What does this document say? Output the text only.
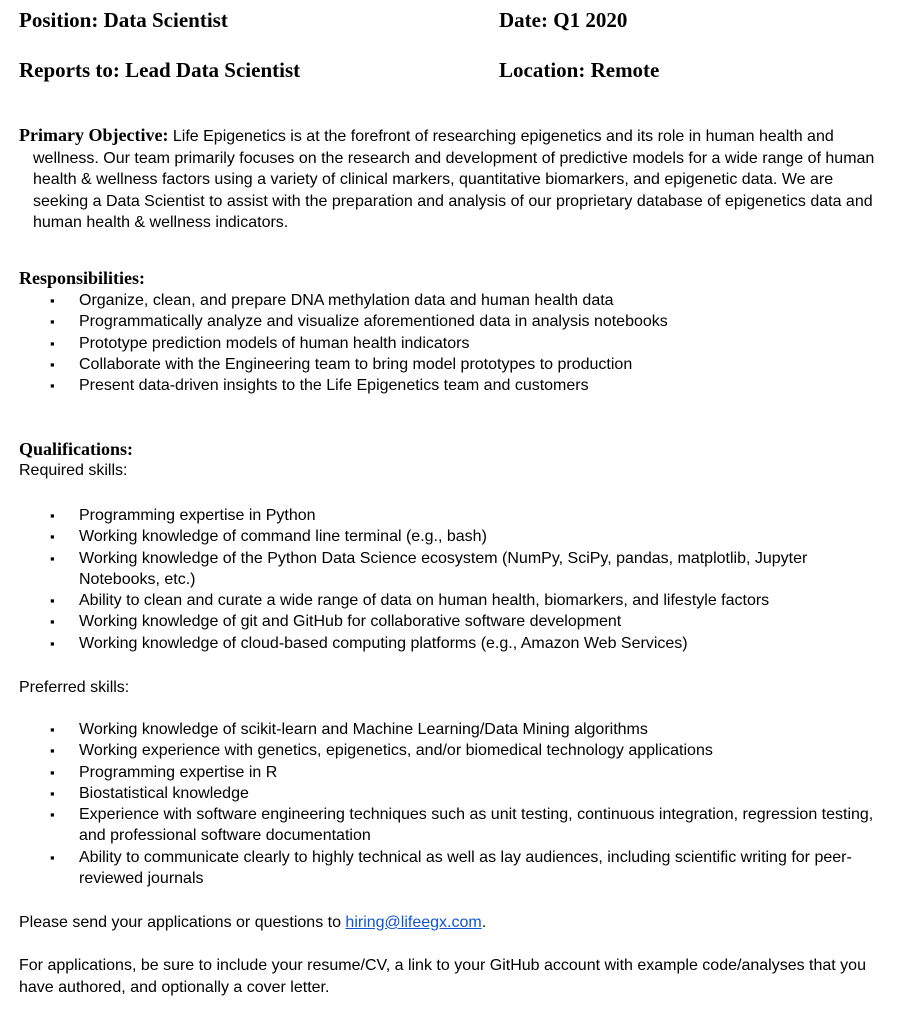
Position: Data Scientist	Date: Q1 2020
Reports to: Lead Data Scientist	Location: Remote

Primary Objective: Life Epigenetics is at the forefront of researching epigenetics and its role in human health and wellness. Our team primarily focuses on the research and development of predictive models for a wide range of human health & wellness factors using a variety of clinical markers, quantitative biomarkers, and epigenetic data. We are seeking a Data Scientist to assist with the preparation and analysis of our proprietary database of epigenetics data and human health & wellness indicators.

Responsibilities:
▪ Organize, clean, and prepare DNA methylation data and human health data
▪ Programmatically analyze and visualize aforementioned data in analysis notebooks
▪ Prototype prediction models of human health indicators
▪ Collaborate with the Engineering team to bring model prototypes to production
▪ Present data-driven insights to the Life Epigenetics team and customers
Qualifications:
Required skills:
▪ Programming expertise in Python
▪ Working knowledge of command line terminal (e.g., bash)
▪ Working knowledge of the Python Data Science ecosystem (NumPy, SciPy, pandas, matplotlib, Jupyter Notebooks, etc.)
▪ Ability to clean and curate a wide range of data on human health, biomarkers, and lifestyle factors
▪ Working knowledge of git and GitHub for collaborative software development
▪ Working knowledge of cloud-based computing platforms (e.g., Amazon Web Services)
Preferred skills:
▪ Working knowledge of scikit-learn and Machine Learning/Data Mining algorithms
▪ Working experience with genetics, epigenetics, and/or biomedical technology applications
▪ Programming expertise in R
▪ Biostatistical knowledge
▪ Experience with software engineering techniques such as unit testing, continuous integration, regression testing, and professional software documentation
▪ Ability to communicate clearly to highly technical as well as lay audiences, including scientific writing for peer-reviewed journals

Please send your applications or questions to hiring@lifeegx.com.

For applications, be sure to include your resume/CV, a link to your GitHub account with example code/analyses that you have authored, and optionally a cover letter.
